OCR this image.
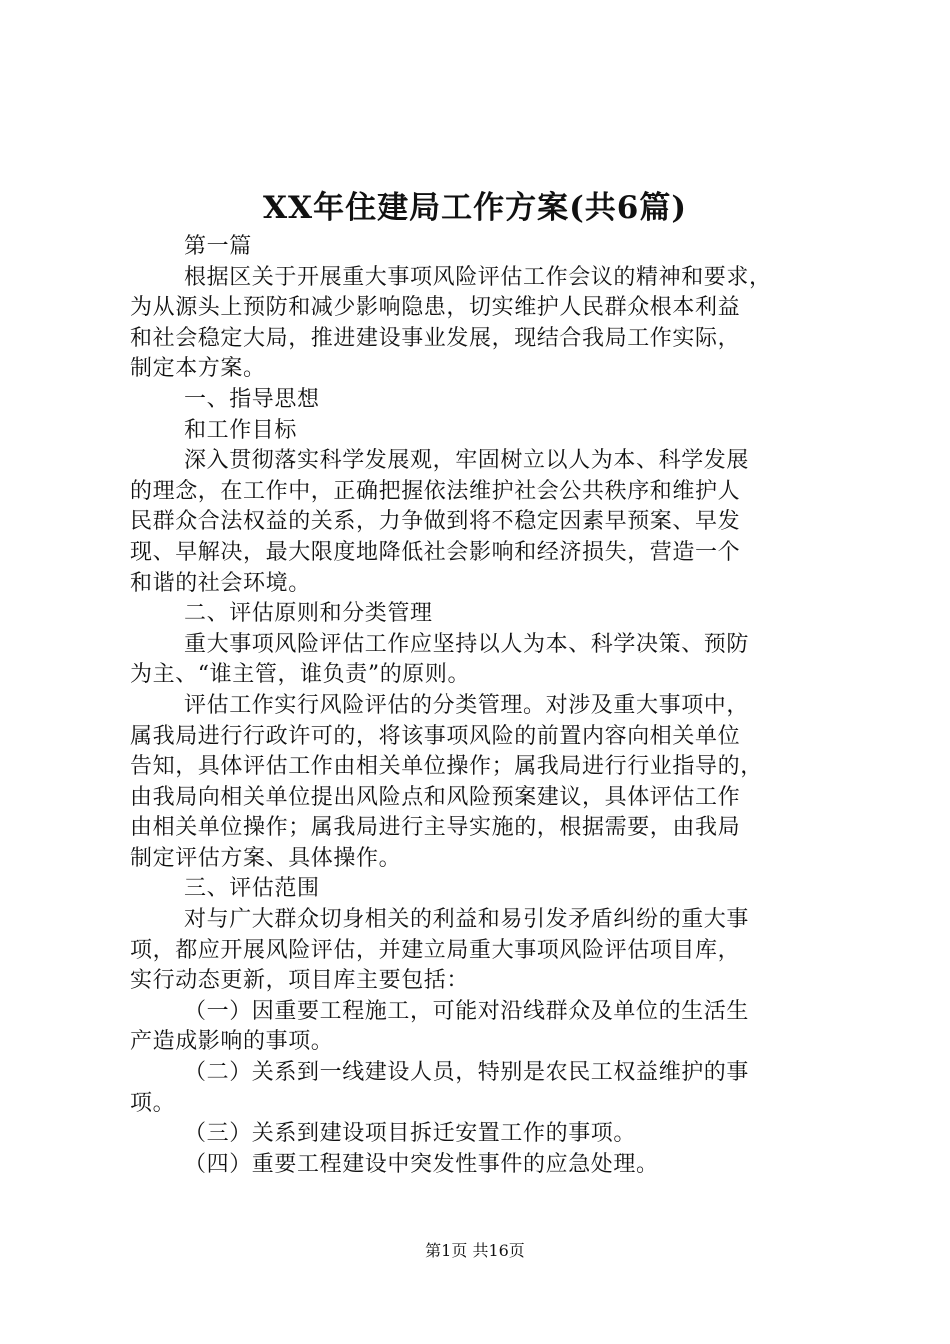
XX年住建局工作方案(共6篇)
第一篇
根据区关于开展重大事项风险评估工作会议的精神和要求，
为从源头上预防和减少影响隐患，切实维护人民群众根本利益
和社会稳定大局，推进建设事业发展，现结合我局工作实际，
制定本方案。
一、指导思想
和工作目标
深入贯彻落实科学发展观，牢固树立以人为本、科学发展
的理念，在工作中，正确把握依法维护社会公共秩序和维护人
民群众合法权益的关系，力争做到将不稳定因素早预案、早发
现、早解决，最大限度地降低社会影响和经济损失，营造一个
和谐的社会环境。
二、评估原则和分类管理
重大事项风险评估工作应坚持以人为本、科学决策、预防
为主、“谁主管，谁负责”的原则。
评估工作实行风险评估的分类管理。对涉及重大事项中，
属我局进行行政许可的，将该事项风险的前置内容向相关单位
告知，具体评估工作由相关单位操作；属我局进行行业指导的，
由我局向相关单位提出风险点和风险预案建议，具体评估工作
由相关单位操作；属我局进行主导实施的，根据需要，由我局
制定评估方案、具体操作。
三、评估范围
对与广大群众切身相关的利益和易引发矛盾纠纷的重大事
项，都应开展风险评估，并建立局重大事项风险评估项目库，
实行动态更新，项目库主要包括：
（一）因重要工程施工，可能对沿线群众及单位的生活生
产造成影响的事项。
（二）关系到一线建设人员，特别是农民工权益维护的事
项。
（三）关系到建设项目拆迁安置工作的事项。
（四）重要工程建设中突发性事件的应急处理。
第1页 共16页
